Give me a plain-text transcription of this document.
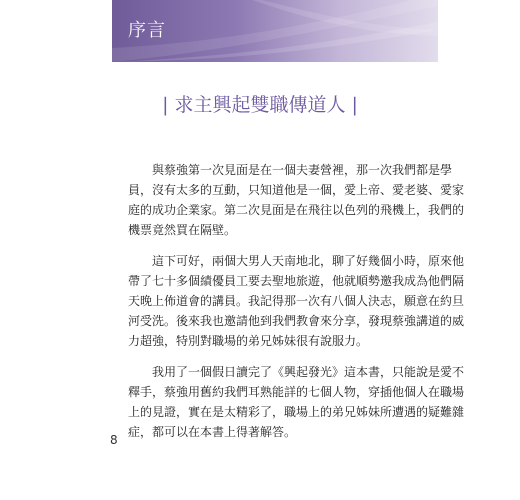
序言
| 求主興起雙職傳道人 |

與蔡強第一次見面是在一個夫妻營裡，那一次我們都是學
員，沒有太多的互動，只知道他是一個，愛上帝、愛老婆、愛家
庭的成功企業家。第二次見面是在飛往以色列的飛機上，我們的
機票竟然買在隔壁。

這下可好，兩個大男人天南地北，聊了好幾個小時，原來他
帶了七十多個績優員工要去聖地旅遊，他就順勢邀我成為他們隔
天晚上佈道會的講員。我記得那一次有八個人決志，願意在約旦
河受洗。後來我也邀請他到我們教會來分享，發現蔡強講道的威
力超強，特別對職場的弟兄姊妹很有說服力。

我用了一個假日讀完了《興起發光》這本書，只能說是愛不
釋手，蔡強用舊約我們耳熟能詳的七個人物，穿插他個人在職場
上的見證，實在是太精彩了，職場上的弟兄姊妹所遭遇的疑難雜
症，都可以在本書上得著解答。

8
